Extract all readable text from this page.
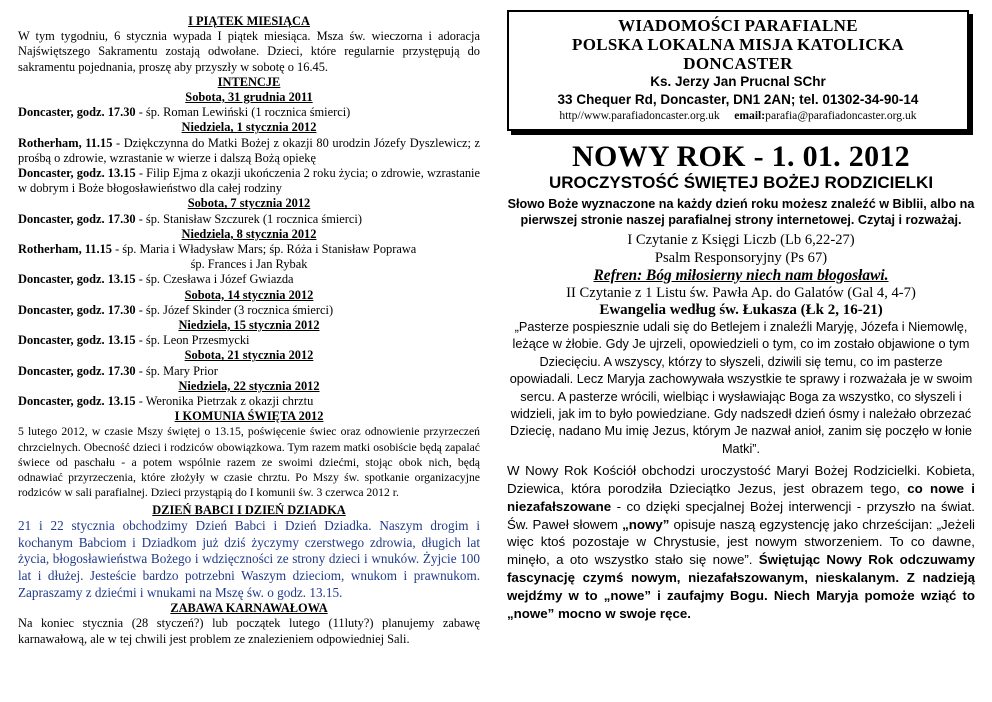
I PIĄTEK MIESIĄCA

W tym tygodniu, 6 stycznia wypada I piątek miesiąca. Msza św. wieczorna i adoracja Najświętszego Sakramentu zostają odwołane. Dzieci, które regularnie przystępują do sakramentu pojednania, proszę aby przyszły w sobotę o 16.45.

INTENCJE

Sobota, 31 grudnia 2011

Doncaster, godz. 17.30 - śp. Roman Lewiński (1 rocznica śmierci)

Niedziela, 1 stycznia 2012

Rotherham, 11.15 - Dziękczynna do Matki Bożej z okazji 80 urodzin Józefy Dyszlewicz; z prośbą o zdrowie, wzrastanie w wierze i dalszą Bożą opiekę

Doncaster, godz. 13.15 - Filip Ejma z okazji ukończenia 2 roku życia; o zdrowie, wzrastanie w dobrym i Boże błogosławieństwo dla całej rodziny

Sobota, 7 stycznia 2012

Doncaster, godz. 17.30 - śp. Stanisław Szczurek (1 rocznica śmierci)

Niedziela, 8 stycznia 2012

Rotherham, 11.15 - śp. Maria i Władysław Mars; śp. Róża i Stanisław Poprawa

śp. Frances i Jan Rybak

Doncaster, godz. 13.15 - śp. Czesława i Józef Gwiazda

Sobota, 14 stycznia 2012

Doncaster, godz. 17.30 - śp. Józef Skinder (3 rocznica śmierci)

Niedziela, 15 stycznia 2012

Doncaster, godz. 13.15 - śp. Leon Przesmycki

Sobota, 21 stycznia 2012

Doncaster, godz. 17.30 - śp. Mary Prior

Niedziela, 22 stycznia 2012

Doncaster, godz. 13.15 - Weronika Pietrzak z okazji chrztu

I KOMUNIA ŚWIĘTA 2012

5 lutego 2012, w czasie Mszy świętej o 13.15, poświęcenie świec oraz odnowienie przyrzeczeń chrzcielnych. Obecność dzieci i rodziców obowiązkowa. Tym razem matki osobiście będą zapalać świece od paschału - a potem wspólnie razem ze swoimi dziećmi, stojąc obok nich, będą odnawiać przyrzeczenia, które złożyły w czasie chrztu. Po Mszy św. spotkanie organizacyjne rodziców w sali parafialnej. Dzieci przystąpią do I komunii św. 3 czerwca 2012 r.

DZIEŃ BABCI I DZIEŃ DZIADKA

21 i 22 stycznia obchodzimy Dzień Babci i Dzień Dziadka. Naszym drogim i kochanym Babciom i Dziadkom już dziś życzymy czerstwego zdrowia, długich lat życia, błogosławieństwa Bożego i wdzięczności ze strony dzieci i wnuków. Żyjcie 100 lat i dłużej. Jesteście bardzo potrzebni Waszym dzieciom, wnukom i prawnukom. Zapraszamy z dziećmi i wnukami na Mszę św. o godz. 13.15.

ZABAWA KARNAWAŁOWA

Na koniec stycznia (28 styczeń?) lub początek lutego (11luty?) planujemy zabawę karnawałową, ale w tej chwili jest problem ze znalezieniem odpowiedniej Sali.

WIADOMOŚCI PARAFIALNE
POLSKA LOKALNA MISJA KATOLICKA
DONCASTER
Ks. Jerzy Jan Prucnal SChr
33 Chequer Rd, Doncaster, DN1 2AN; tel. 01302-34-90-14
http//www.parafiadoncaster.org.uk email:parafia@parafiadoncaster.org.uk
NOWY ROK - 1. 01. 2012
UROCZYSTOŚĆ ŚWIĘTEJ BOŻEJ RODZICIELKI
Słowo Boże wyznaczone na każdy dzień roku możesz znaleźć w Biblii, albo na pierwszej stronie naszej parafialnej strony internetowej. Czytaj i rozważaj.
I Czytanie z Księgi Liczb (Lb 6,22-27)
Psalm Responsoryjny (Ps 67)
Refren: Bóg miłosierny niech nam błogosławi.
II Czytanie z 1 Listu św. Pawła Ap. do Galatów (Gal 4, 4-7)
Ewangelia według św. Łukasza (Łk 2, 16-21)
„Pasterze pospiesznie udali się do Betlejem i znaleźli Maryję, Józefa i Niemowlę, leżące w żłobie. Gdy Je ujrzeli, opowiedzieli o tym, co im zostało objawione o tym Dziecięciu. A wszyscy, którzy to słyszeli, dziwili się temu, co im pasterze opowiadali. Lecz Maryja zachowywała wszystkie te sprawy i rozważała je w swoim sercu. A pasterze wrócili, wielbiąc i wysławiając Boga za wszystko, co słyszeli i widzieli, jak im to było powiedziane. Gdy nadszedł dzień ósmy i należało obrzezać Dziecię, nadano Mu imię Jezus, którym Je nazwał anioł, zanim się poczęło w łonie Matki”.
W Nowy Rok Kościół obchodzi uroczystość Maryi Bożej Rodzicielki. Kobieta, Dziewica, która porodziła Dzieciątko Jezus, jest obrazem tego, co nowe i niezafałszowane - co dzięki specjalnej Bożej interwencji - przyszło na świat. Św. Paweł słowem „nowy” opisuje naszą egzystencję jako chrześcijan: „Jeżeli więc ktoś pozostaje w Chrystusie, jest nowym stworzeniem. To co dawne, minęło, a oto wszystko stało się nowe”. Świętując Nowy Rok odczuwamy fascynację czymś nowym, niezafałszowanym, nieskalanym. Z nadzieją wejdźmy w to „nowe” i zaufajmy Bogu. Niech Maryja pomoże wziąć to „nowe” mocno w swoje ręce.
